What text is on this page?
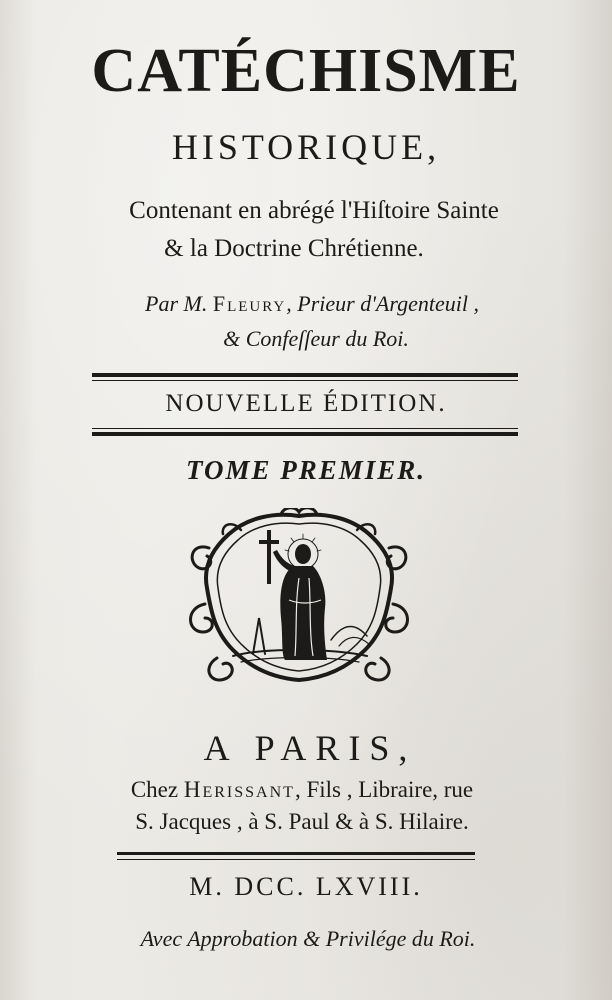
CATÉCHISME
HISTORIQUE,
Contenant en abrégé l'Hiſtoire Sainte
& la Doctrine Chrétienne.
Par M. Fleury, Prieur d'Argenteuil ,
& Confeſſeur du Roi.
NOUVELLE ÉDITION.
TOME PREMIER.
A PARIS,
Chez Herissant, Fils , Libraire, rue
S. Jacques , à S. Paul & à S. Hilaire.
M. DCC. LXVIII.
Avec Approbation & Privilége du Roi.
